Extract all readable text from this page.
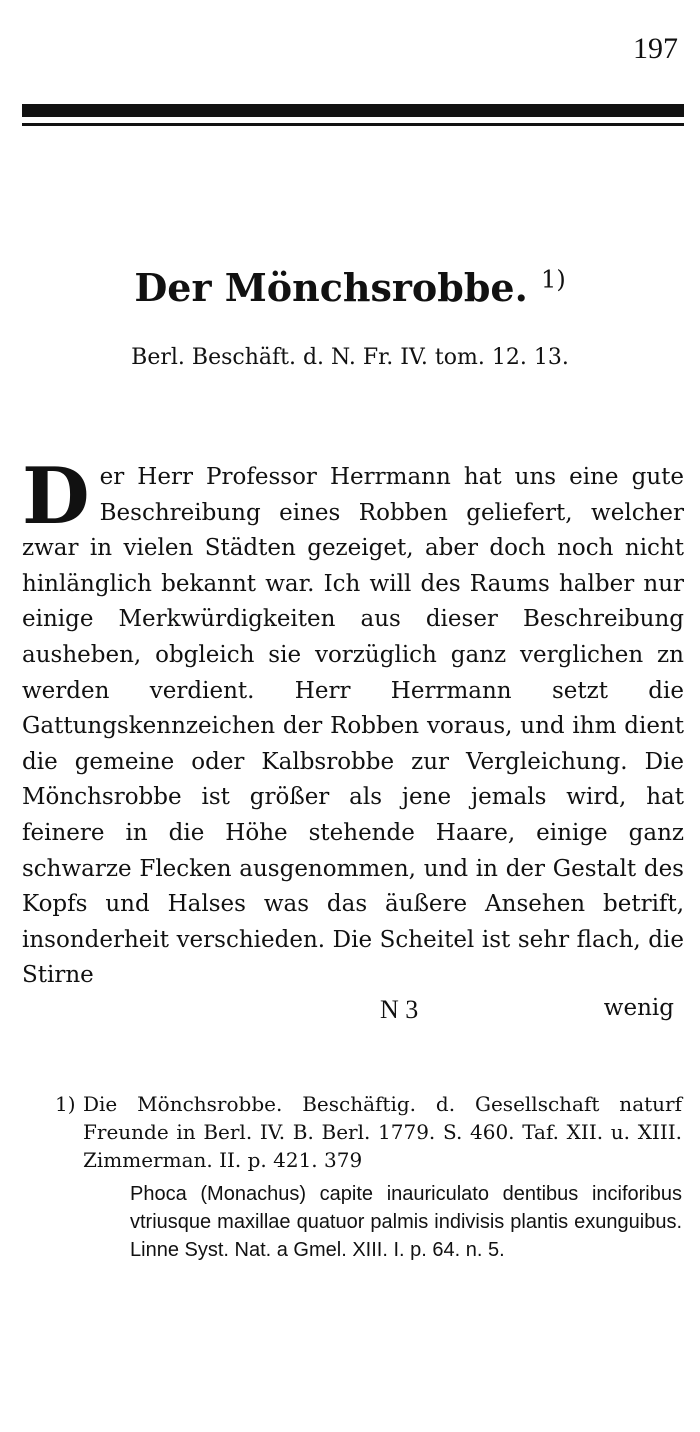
197
Der Mönchsrobbe. $^{1)}$
Berl. Beschäft. d. N. Fr. IV. tom. 12. 13.

Der Herr Professor Herrmann hat uns eine gute Beschreibung eines Robben geliefert, welcher zwar in vielen Städten gezeiget, aber doch noch nicht hinlänglich bekannt war. Ich will des Raums halber nur einige Merkwürdigkeiten aus dieser Beschreibung ausheben, obgleich sie vorzüglich ganz verglichen zn werden verdient. Herr Herrmann setzt die Gattungskennzeichen der Robben voraus, und ihm dient die gemeine oder Kalbsrobbe zur Vergleichung. Die Mönchsrobbe ist größer als jene jemals wird, hat feinere in die Höhe stehende Haare, einige ganz schwarze Flecken ausgenommen, und in der Gestalt des Kopfs und Halses was das äußere Ansehen betrift, insonderheit verschieden. Die Scheitel ist sehr flach, die Stirne

N 3	wenig
1) Die Mönchsrobbe. Beschäftig. d. Gesellschaft naturf Freunde in Berl. IV. B. Berl. 1779. S. 460. Taf. XII. u. XIII. Zimmerman. II. p. 421. 379
Phoca (Monachus) capite inauriculato dentibus inciforibus vtriusque maxillae quatuor palmis indivisis plantis exunguibus. Linne Syst. Nat. a Gmel. XIII. I. p. 64. n. 5.
